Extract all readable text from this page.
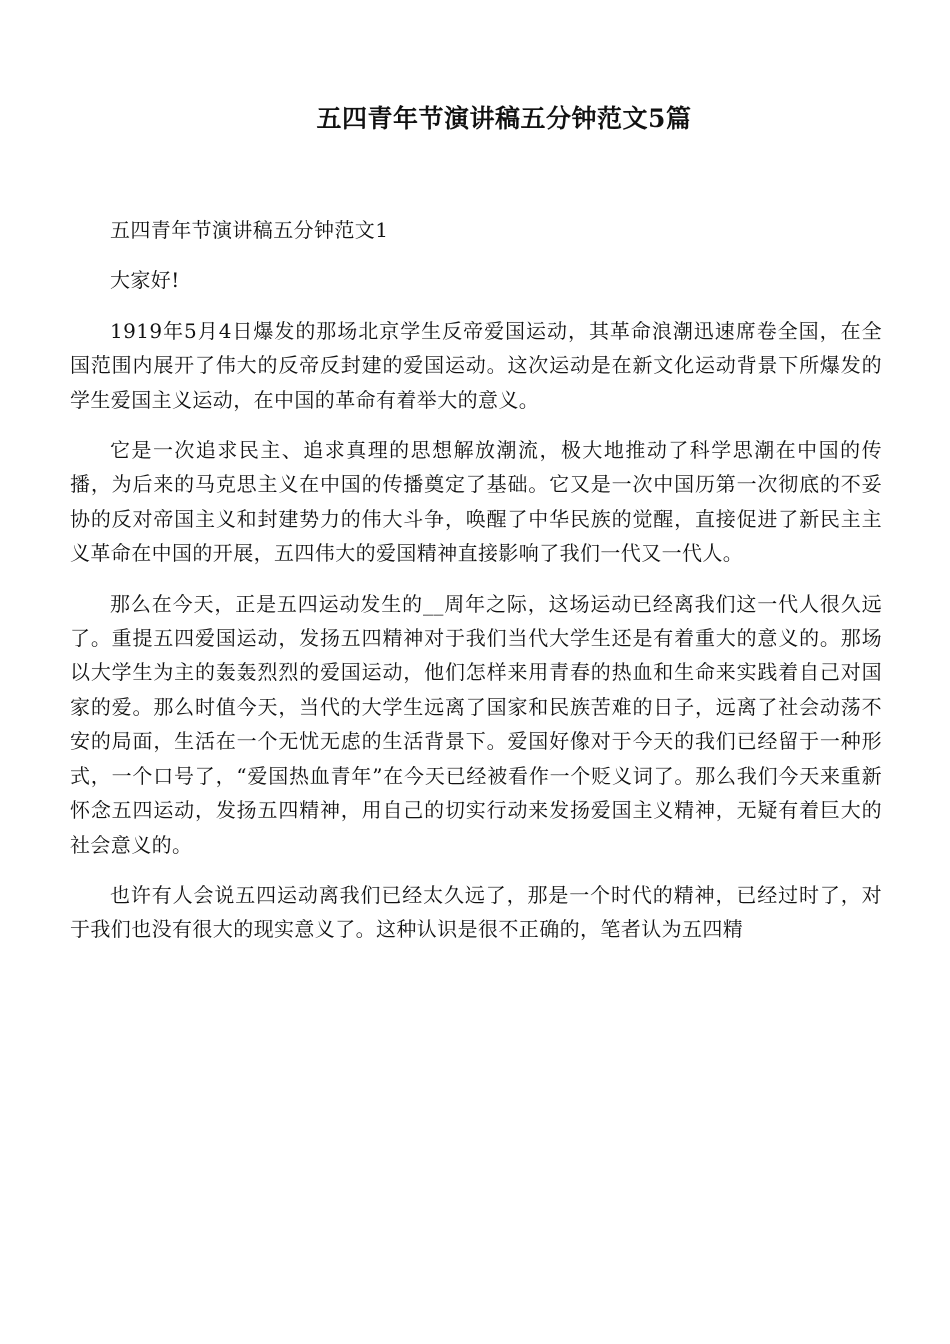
五四青年节演讲稿五分钟范文5篇

五四青年节演讲稿五分钟范文1

大家好!

1919年5月4日爆发的那场北京学生反帝爱国运动，其革命浪潮迅速席卷全国，在全国范围内展开了伟大的反帝反封建的爱国运动。这次运动是在新文化运动背景下所爆发的学生爱国主义运动，在中国的革命有着举大的意义。

它是一次追求民主、追求真理的思想解放潮流，极大地推动了科学思潮在中国的传播，为后来的马克思主义在中国的传播奠定了基础。它又是一次中国历第一次彻底的不妥协的反对帝国主义和封建势力的伟大斗争，唤醒了中华民族的觉醒，直接促进了新民主主义革命在中国的开展，五四伟大的爱国精神直接影响了我们一代又一代人。

那么在今天，正是五四运动发生的__周年之际，这场运动已经离我们这一代人很久远了。重提五四爱国运动，发扬五四精神对于我们当代大学生还是有着重大的意义的。那场以大学生为主的轰轰烈烈的爱国运动，他们怎样来用青春的热血和生命来实践着自己对国家的爱。那么时值今天，当代的大学生远离了国家和民族苦难的日子，远离了社会动荡不安的局面，生活在一个无忧无虑的生活背景下。爱国好像对于今天的我们已经留于一种形式，一个口号了，“爱国热血青年”在今天已经被看作一个贬义词了。那么我们今天来重新怀念五四运动，发扬五四精神，用自己的切实行动来发扬爱国主义精神，无疑有着巨大的社会意义的。

也许有人会说五四运动离我们已经太久远了，那是一个时代的精神，已经过时了，对于我们也没有很大的现实意义了。这种认识是很不正确的，笔者认为五四精
